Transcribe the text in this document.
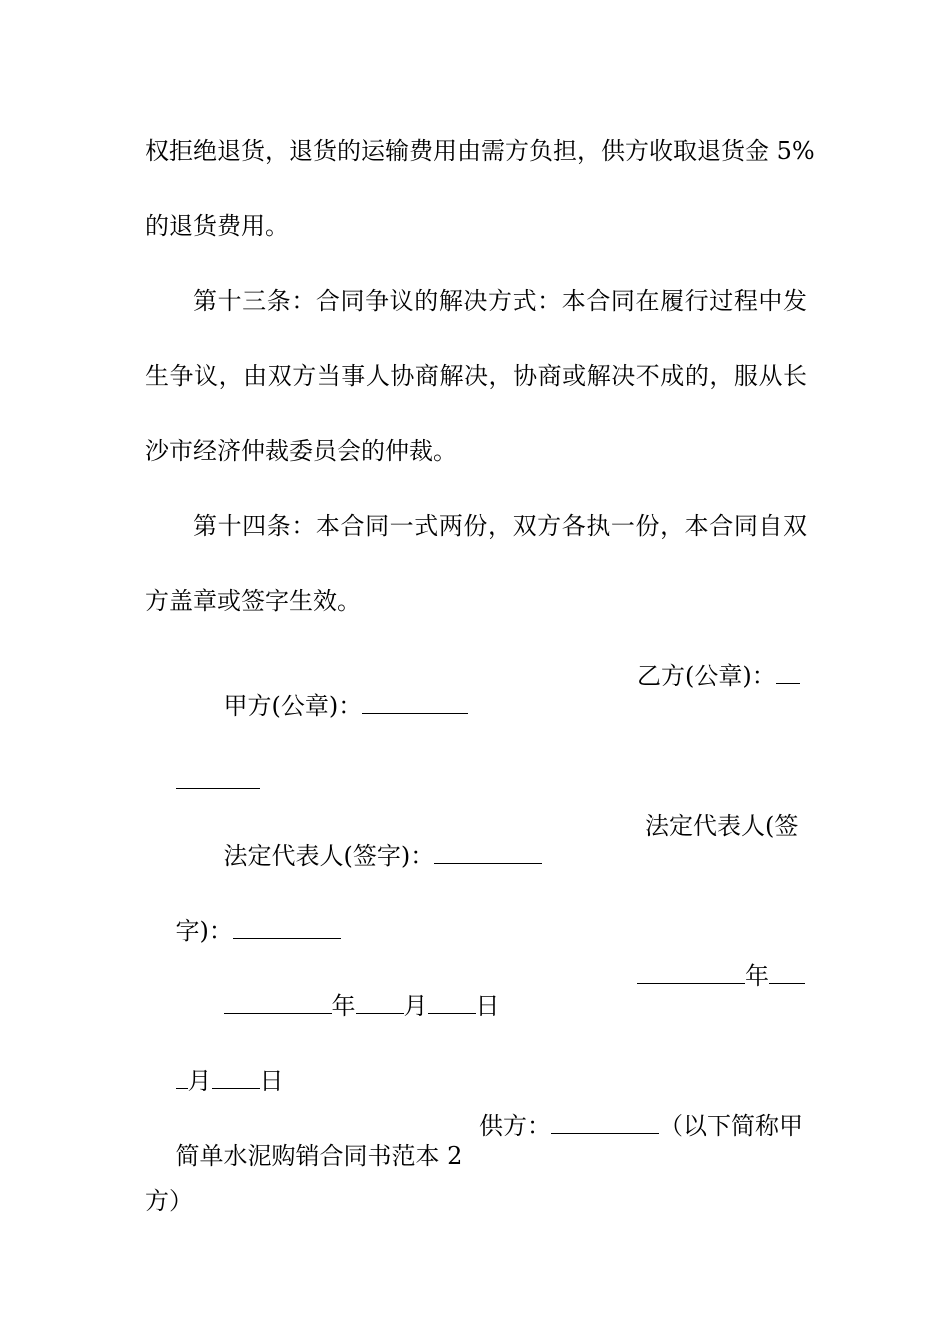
权拒绝退货，退货的运输费用由需方负担，供方收取退货金 5%
的退货费用。
第十三条：合同争议的解决方式：本合同在履行过程中发
生争议，由双方当事人协商解决，协商或解决不成的，服从长
沙市经济仲裁委员会的仲裁。
第十四条：本合同一式两份，双方各执一份，本合同自双
方盖章或签字生效。

甲方(公章)：

乙方(公章)：

法定代表人(签字)：

法定代表人(签

字)：

年 月 日

年

月 日

简单水泥购销合同书范本 2

供方：	（以下简称甲

方）
